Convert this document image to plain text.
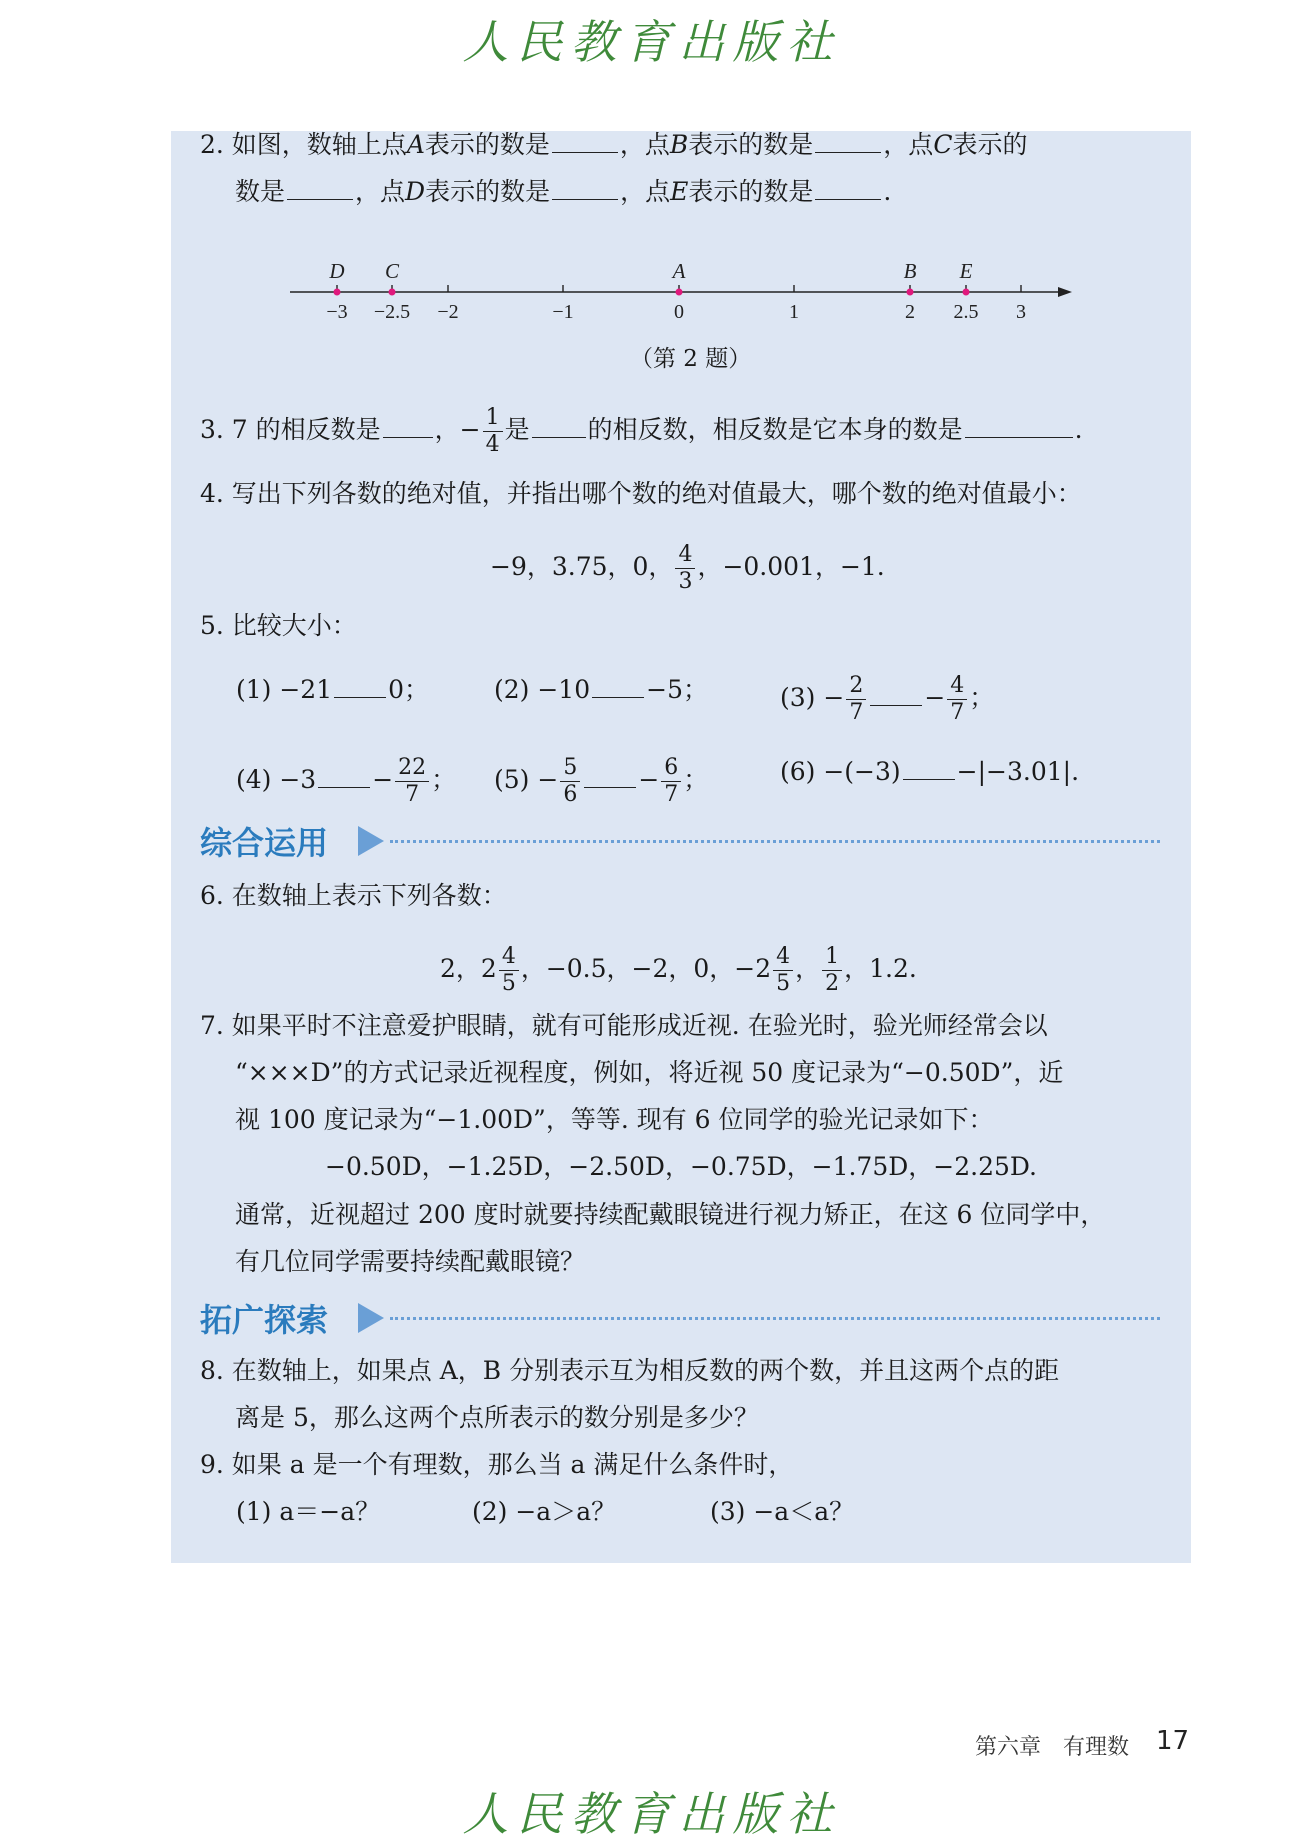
人民教育出版社
2. 如图，数轴上点A表示的数是	，点B表示的数是	，点C表示的
数是	，点D表示的数是	，点E表示的数是	.
−3 −2.5 −2	−1	0	1	2 2.5 3
D C	A	B E
（第 2 题）
3. 7 的相反数是 ，− $\frac{1}{4}$ 是 的相反数，相反数是它本身的数是	.
4. 写出下列各数的绝对值，并指出哪个数的绝对值最大，哪个数的绝对值最小：
−9，3.75，0， $\frac{4}{3}$ ，−0.001，−1.
5. 比较大小：
(1) −21 0；	(2) −10 −5；	$(3) - \frac{2}{7} - \frac{4}{7}$ ；
$(4) -3 - \frac{22}{7}$ ； $(5) - \frac{5}{6} - \frac{6}{7}$ ；	(6) −(−3) −|−3.01|.
综合运用
6. 在数轴上表示下列各数：
2，$2 \frac{4}{5}$ ，−0.5，−2，0，$-2 \frac{4}{5}$ ， $\frac{1}{2}$ ，1.2.
7. 如果平时不注意爱护眼睛，就有可能形成近视. 在验光时，验光师经常会以
“×××D”的方式记录近视程度，例如，将近视 50 度记录为“−0.50D”，近
视 100 度记录为“−1.00D”，等等. 现有 6 位同学的验光记录如下：
−0.50D，−1.25D，−2.50D，−0.75D，−1.75D，−2.25D.
通常，近视超过 200 度时就要持续配戴眼镜进行视力矫正，在这 6 位同学中，
有几位同学需要持续配戴眼镜？
拓广探索
8. 在数轴上，如果点 A，B 分别表示互为相反数的两个数，并且这两个点的距
离是 5，那么这两个点所表示的数分别是多少？
9. 如果 a 是一个有理数，那么当 a 满足什么条件时，
(1) a＝−a？	(2) −a＞a？	(3) −a＜a？
第六章　有理数 17
人民教育出版社
